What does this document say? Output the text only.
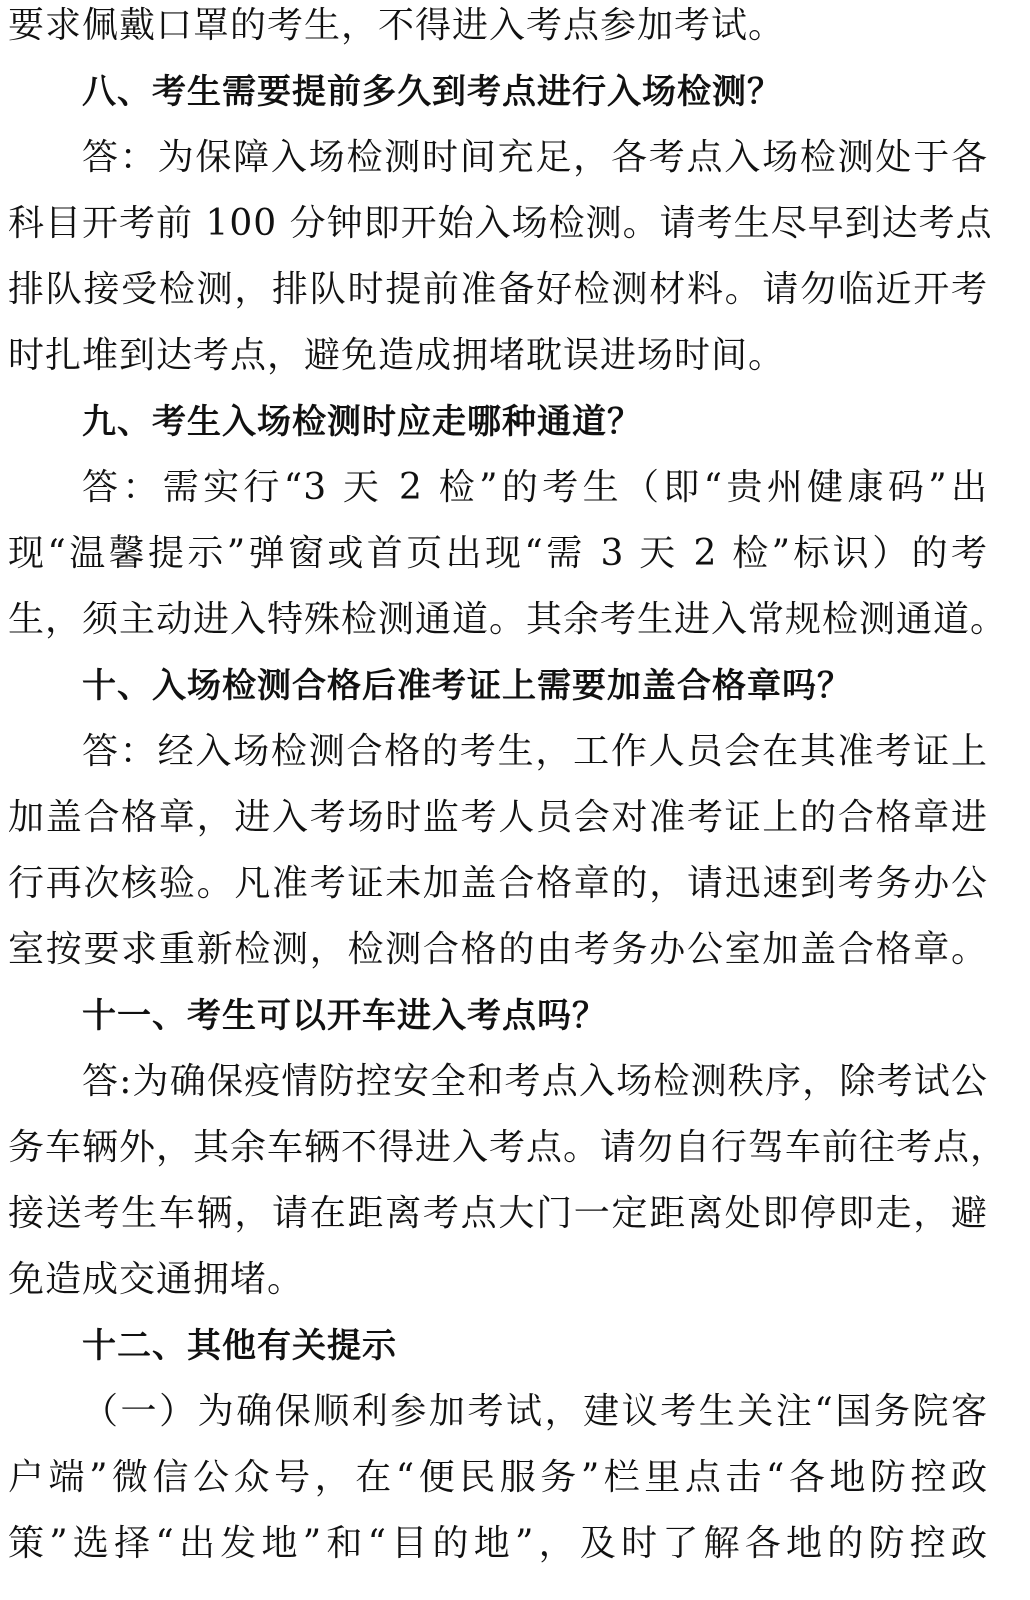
要求佩戴口罩的考生，不得进入考点参加考试。
八、考生需要提前多久到考点进行入场检测？
答：为保障入场检测时间充足，各考点入场检测处于各
科目开考前 100 分钟即开始入场检测。请考生尽早到达考点
排队接受检测，排队时提前准备好检测材料。请勿临近开考
时扎堆到达考点，避免造成拥堵耽误进场时间。
九、考生入场检测时应走哪种通道？
答：需实行“3 天 2 检”的考生（即“贵州健康码”出
现“温馨提示”弹窗或首页出现“需 3 天 2 检”标识）的考
生，须主动进入特殊检测通道。其余考生进入常规检测通道。
十、入场检测合格后准考证上需要加盖合格章吗？
答：经入场检测合格的考生，工作人员会在其准考证上
加盖合格章，进入考场时监考人员会对准考证上的合格章进
行再次核验。凡准考证未加盖合格章的，请迅速到考务办公
室按要求重新检测，检测合格的由考务办公室加盖合格章。
十一、考生可以开车进入考点吗？
答:为确保疫情防控安全和考点入场检测秩序，除考试公
务车辆外，其余车辆不得进入考点。请勿自行驾车前往考点，
接送考生车辆，请在距离考点大门一定距离处即停即走，避
免造成交通拥堵。
十二、其他有关提示
（一）为确保顺利参加考试，建议考生关注“国务院客
户端”微信公众号，在“便民服务”栏里点击“各地防控政
策”选择“出发地”和“目的地”，及时了解各地的防控政
